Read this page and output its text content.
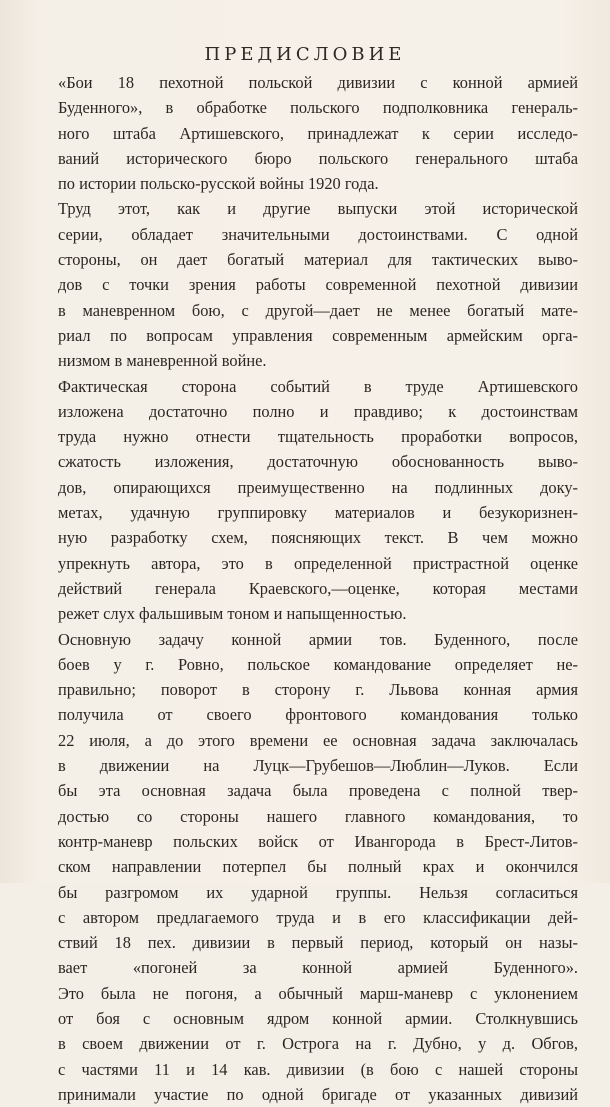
ПРЕДИСЛОВИЕ
«Бои 18 пехотной польской дивизии с конной армией
Буденного», в обработке польского подполковника генераль-
ного штаба Артишевского, принадлежат к серии исследо-
ваний исторического бюро польского генерального штаба
по истории польско-русской войны 1920 года.
Труд этот, как и другие выпуски этой исторической
серии, обладает значительными достоинствами. С одной
стороны, он дает богатый материал для тактических выво-
дов с точки зрения работы современной пехотной дивизии
в маневренном бою, с другой—дает не менее богатый мате-
риал по вопросам управления современным армейским орга-
низмом в маневренной войне.
Фактическая сторона событий в труде Артишевского
изложена достаточно полно и правдиво; к достоинствам
труда нужно отнести тщательность проработки вопросов,
сжатость изложения, достаточную обоснованность выво-
дов, опирающихся преимущественно на подлинных доку-
метах, удачную группировку материалов и безукоризнен-
ную разработку схем, поясняющих текст. В чем можно
упрекнуть автора, это в определенной пристрастной оценке
действий генерала Краевского,—оценке, которая местами
режет слух фальшивым тоном и напыщенностью.
Основную задачу конной армии тов. Буденного, после
боев у г. Ровно, польское командование определяет не-
правильно; поворот в сторону г. Львова конная армия
получила от своего фронтового командования только
22 июля, а до этого времени ее основная задача заключалась
в движении на Луцк—Грубешов—Люблин—Луков. Если
бы эта основная задача была проведена с полной твер-
достью со стороны нашего главного командования, то
контр-маневр польских войск от Ивангорода в Брест-Литов-
ском направлении потерпел бы полный крах и окончился
бы разгромом их ударной группы. Нельзя согласиться
с автором предлагаемого труда и в его классификации дей-
ствий 18 пех. дивизии в первый период, который он назы-
вает «погоней за конной армией Буденного».
Это была не погоня, а обычный марш-маневр с уклонением
от боя с основным ядром конной армии. Столкнувшись
в своем движении от г. Острога на г. Дубно, у д. Обгов,
с частями 11 и 14 кав. дивизии (в бою с нашей стороны
принимали участие по одной бригаде от указанных дивизий
